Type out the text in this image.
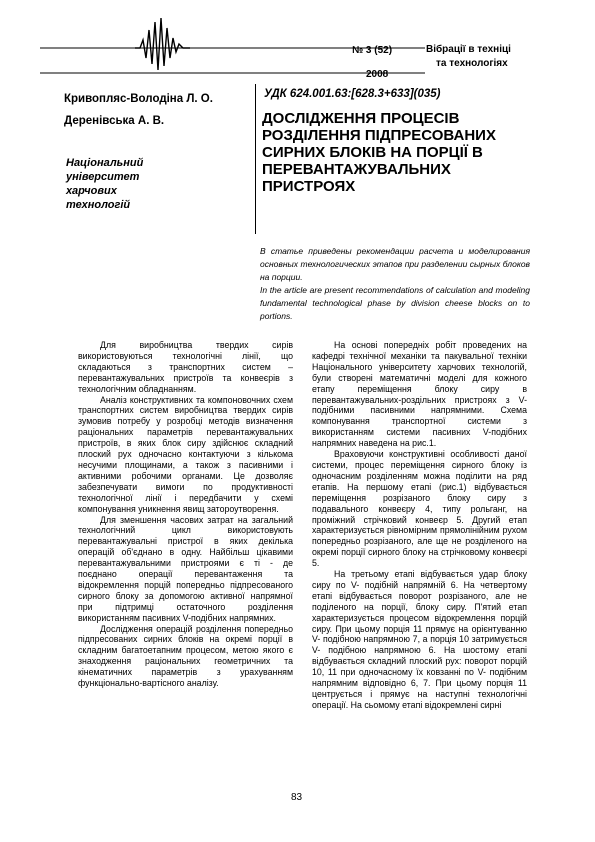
№ 3 (52)
2008
Вібрації в техніці
та технологіях
Кривопляс-Володіна Л. О.
Деренівська А. В.
УДК 624.001.63:[628.3+633](035)
Національний
університет
харчових
технологій
ДОСЛІДЖЕННЯ ПРОЦЕСІВ РОЗДІЛЕННЯ ПІДПРЕСОВАНИХ СИРНИХ БЛОКІВ НА ПОРЦІЇ В ПЕРЕВАНТАЖУВАЛЬНИХ ПРИСТРОЯХ
В статье приведены рекомендации расчета и моделирования основных технологических этапов при разделении сырных блоков на порции.
In the article are present recommendations of calculation and modeling fundamental technological phase by division cheese blocks on to portions.

Для виробництва твердих сирів використовуються технологічні лінії, що складаються з транспортних систем – перевантажувальних пристроїв та конвеєрів з технологічним обладнанням.

Аналіз конструктивних та компоновочних схем транспортних систем виробництва твердих сирів зумовив потребу у розробці методів визначення раціональних параметрів перевантажувальних пристроїв, в яких блок сиру здійснює складний плоский рух одночасно контактуючи з кількома несучими площинами, а також з пасивними і активними робочими органами. Це дозволяє забезпечувати вимоги по продуктивності технологічної лінії і передбачити у схемі компонування уникнення явищ затороутворення.

Для зменшення часових затрат на загальний технологічний цикл використовують перевантажувальні пристрої в яких декілька операцій об'єднано в одну. Найбільш цікавими перевантажувальними пристроями є ті - де поєднано операції перевантаження та відокремлення порцій попередньо підпресованого сирного блоку за допомогою активної напрямної при підтримці остаточного розділення використанням пасивних V-подібних напрямних.

Дослідження операцій розділення попередньо підпресованих сирних блоків на окремі порції в складним багатоетапним процесом, метою якого є знаходження раціональних геометричних та кінематичних параметрів з урахуванням функціонально-вартісного аналізу.

На основі попередніх робіт проведених на кафедрі технічної механіки та пакувальної техніки Національного університету харчових технологій, були створені математичні моделі для кожного етапу переміщення блоку сиру в перевантажувальних-роздільних пристроях з V- подібними пасивними напрямними. Схема компонування транспортної системи з використанням системи пасивних V-подібних напрямних наведена на рис.1.

Враховуючи конструктивні особливості даної системи, процес переміщення сирного блоку із одночасним розділенням можна поділити на ряд етапів. На першому етапі (рис.1) відбувається переміщення розрізаного блоку сиру з подавального конвеєру 4, типу рольганг, на проміжний стрічковий конвеєр 5. Другий етап характеризується рівномірним прямолінійним рухом попередньо розрізаного, але ще не розділеного на окремі порції сирного блоку на стрічковому конвеєрі 5.

На третьому етапі відбувається удар блоку сиру по V- подібній напрямній 6. На четвертому етапі відбувається поворот розрізаного, але не поділеного на порції, блоку сиру. П'ятий етап характеризується процесом відокремлення порцій сиру. При цьому порція 11 прямує на орієнтуванню V- подібною напрямною 7, а порція 10 затримується V- подібною напрямною 6. На шостому етапі відбувається складний плоский рух: поворот порцій 10, 11 при одночасному їх ковзанні по V- подібним напрямним відповідно 6, 7. При цьому порція 11 центрується і прямує на наступні технологічні операції. На сьомому етапі відокремлені сирні

83
